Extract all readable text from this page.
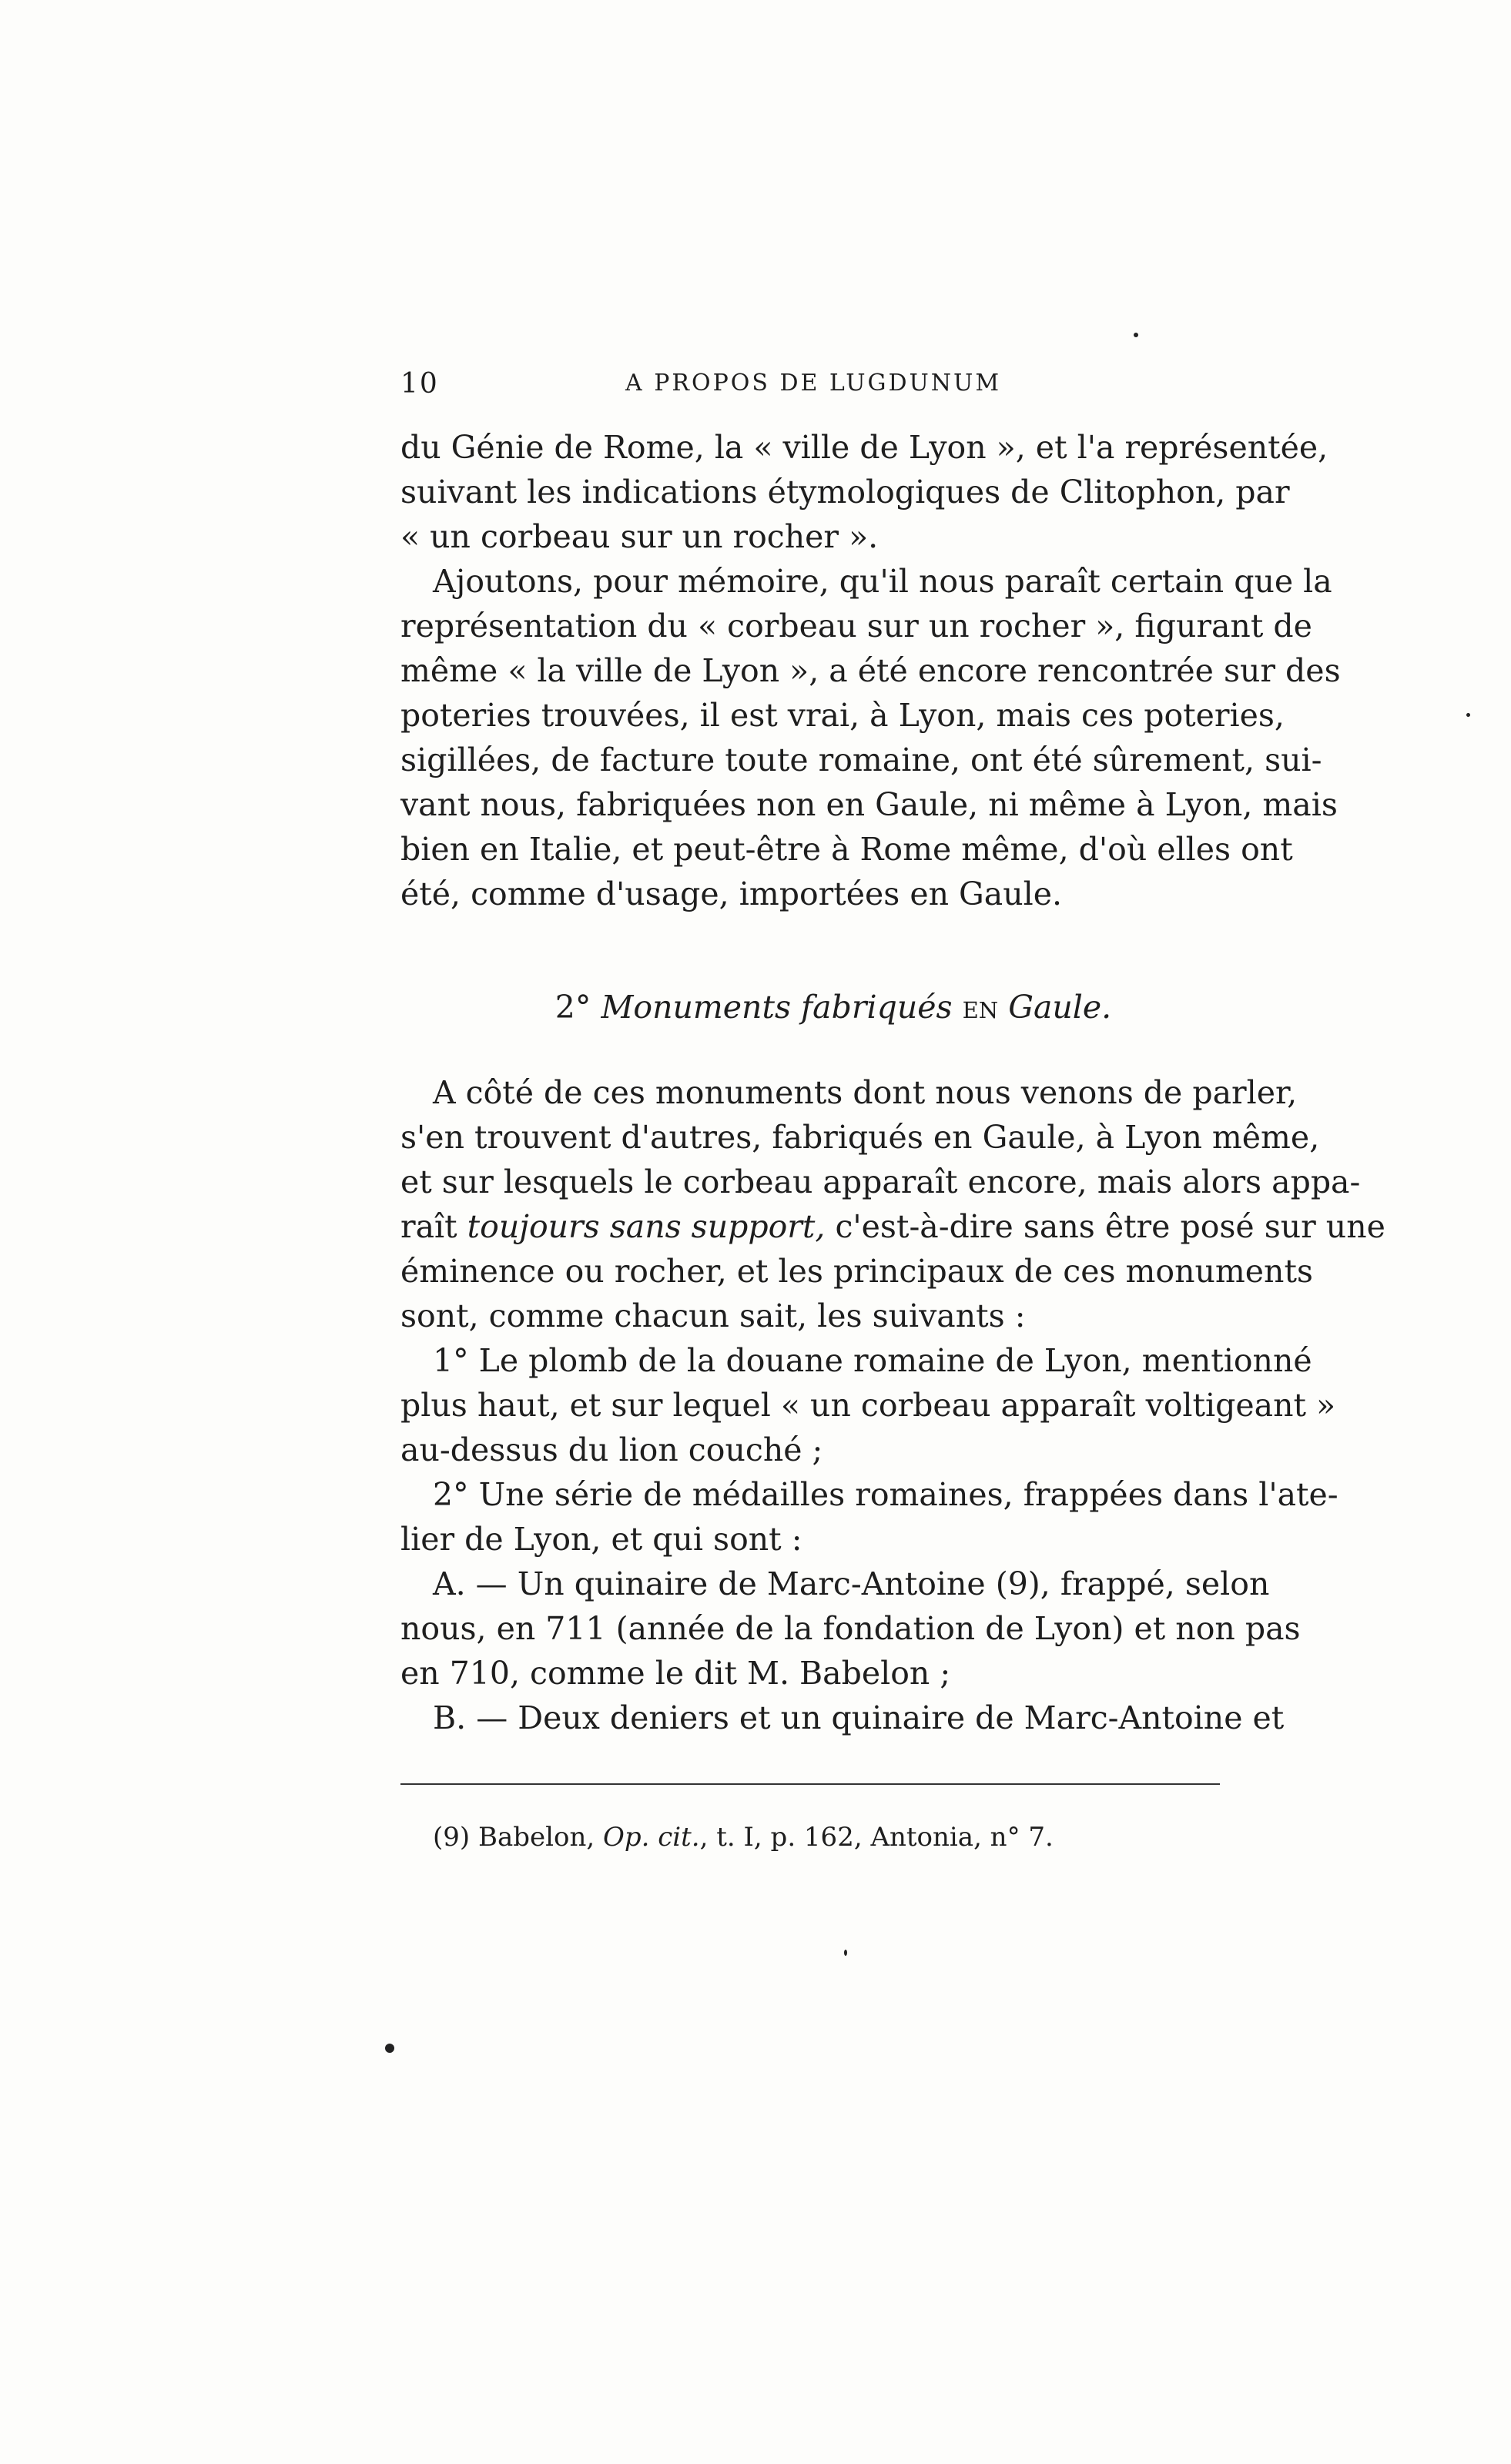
10	A PROPOS DE LUGDUNUM
du Génie de Rome, la « ville de Lyon », et l'a représentée,
suivant les indications étymologiques de Clitophon, par
« un corbeau sur un rocher ».
Ajoutons, pour mémoire, qu'il nous paraît certain que la
représentation du « corbeau sur un rocher », figurant de
même « la ville de Lyon », a été encore rencontrée sur des
poteries trouvées, il est vrai, à Lyon, mais ces poteries,
sigillées, de facture toute romaine, ont été sûrement, sui-
vant nous, fabriquées non en Gaule, ni même à Lyon, mais
bien en Italie, et peut-être à Rome même, d'où elles ont
été, comme d'usage, importées en Gaule.
2° Monuments fabriqués en Gaule.
A côté de ces monuments dont nous venons de parler,
s'en trouvent d'autres, fabriqués en Gaule, à Lyon même,
et sur lesquels le corbeau apparaît encore, mais alors appa-
raît toujours sans support, c'est-à-dire sans être posé sur une
éminence ou rocher, et les principaux de ces monuments
sont, comme chacun sait, les suivants :
1° Le plomb de la douane romaine de Lyon, mentionné
plus haut, et sur lequel « un corbeau apparaît voltigeant »
au-dessus du lion couché ;
2° Une série de médailles romaines, frappées dans l'ate-
lier de Lyon, et qui sont :
A. — Un quinaire de Marc-Antoine (9), frappé, selon
nous, en 711 (année de la fondation de Lyon) et non pas
en 710, comme le dit M. Babelon ;
B. — Deux deniers et un quinaire de Marc-Antoine et
(9) Babelon, Op. cit., t. I, p. 162, Antonia, n° 7.
